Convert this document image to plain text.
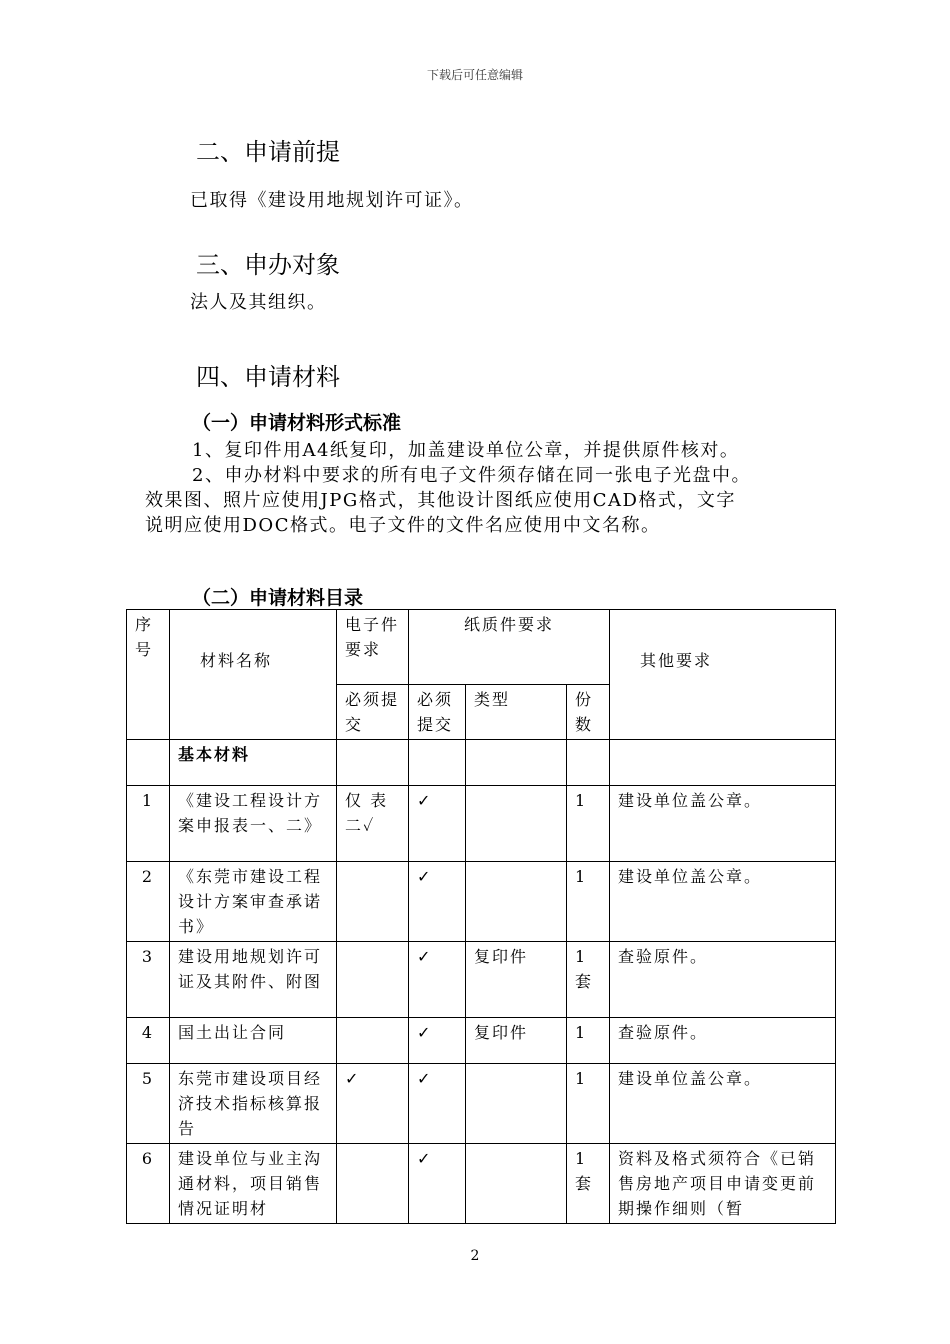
下载后可任意编辑
二、申请前提
已取得《建设用地规划许可证》。
三、申办对象
法人及其组织。
四、申请材料
（一）申请材料形式标准
1、复印件用A4纸复印，加盖建设单位公章，并提供原件核对。
2、申办材料中要求的所有电子文件须存储在同一张电子光盘中。
效果图、照片应使用JPG格式，其他设计图纸应使用CAD格式，文字
说明应使用DOC格式。电子文件的文件名应使用中文名称。
（二）申请材料目录
序号	材料名称	电子件要求	纸质件要求			其他要求
		必须提交	必须提交	类型	份数	
	基本材料					
1	《建设工程设计方案申报表一、二》	仅 表二✓	✓		1	建设单位盖公章。
2	《东莞市建设工程设计方案审查承诺书》		✓		1	建设单位盖公章。
3	建设用地规划许可证及其附件、附图		✓	复印件	1套	查验原件。
4	国土出让合同		✓	复印件	1	查验原件。
5	东莞市建设项目经济技术指标核算报告	✓	✓		1	建设单位盖公章。
6	建设单位与业主沟通材料，项目销售情况证明材		✓		1套	资料及格式须符合《已销售房地产项目申请变更前期操作细则（暂
2
